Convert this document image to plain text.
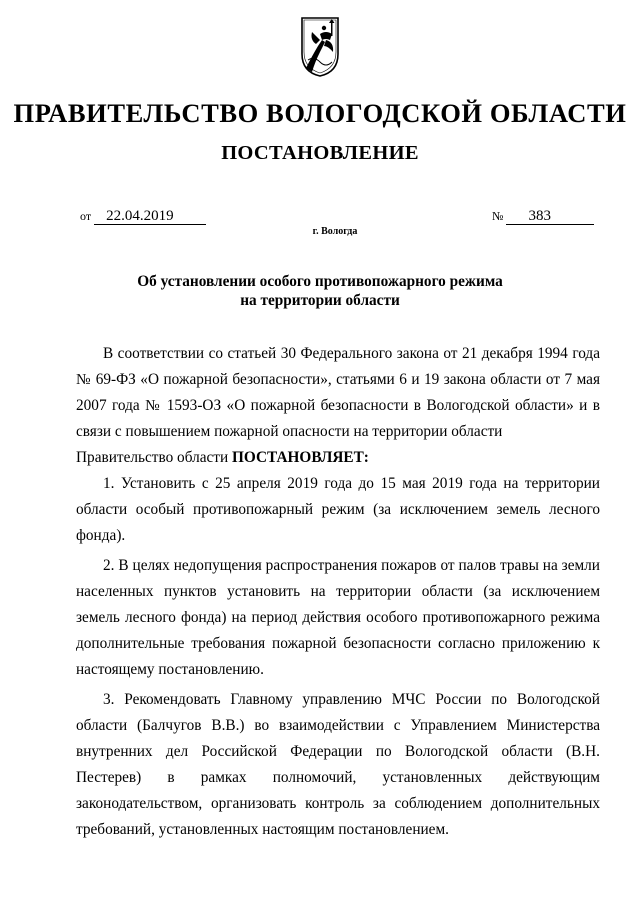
ПРАВИТЕЛЬСТВО ВОЛОГОДСКОЙ ОБЛАСТИ
ПОСТАНОВЛЕНИЕ
от 22.04.2019	№ 383
г. Вологда
Об установлении особого противопожарного режима
на территории области

В соответствии со статьей 30 Федерального закона от 21 декабря 1994 года № 69-ФЗ «О пожарной безопасности», статьями 6 и 19 закона области от 7 мая 2007 года № 1593-ОЗ «О пожарной безопасности в Вологодской области» и в связи с повышением пожарной опасности на территории области

Правительство области ПОСТАНОВЛЯЕТ:

1. Установить с 25 апреля 2019 года до 15 мая 2019 года на территории области особый противопожарный режим (за исключением земель лесного фонда).

2. В целях недопущения распространения пожаров от палов травы на земли населенных пунктов установить на территории области (за исключением земель лесного фонда) на период действия особого противопожарного режима дополнительные требования пожарной безопасности согласно приложению к настоящему постановлению.

3. Рекомендовать Главному управлению МЧС России по Вологодской области (Балчугов В.В.) во взаимодействии с Управлением Министерства внутренних дел Российской Федерации по Вологодской области (В.Н. Пестерев) в рамках полномочий, установленных действующим законодательством, организовать контроль за соблюдением дополнительных требований, установленных настоящим постановлением.
